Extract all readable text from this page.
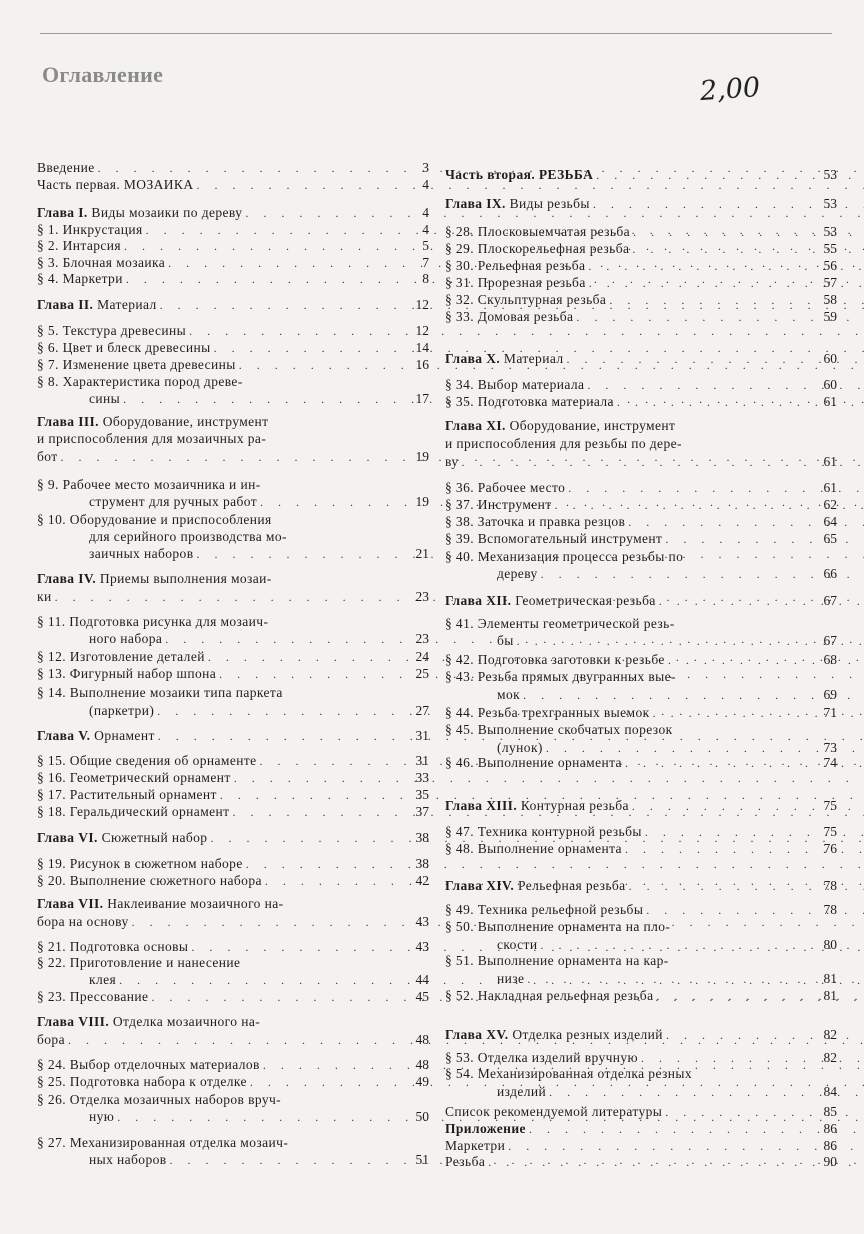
Оглавление	2,00
Введение . . .	3
Часть первая. МОЗАИКА . . .	4
Глава I. Виды мозаики по дереву . . .	4
§ 1. Инкрустация . . .	4
§ 2. Интарсия . . .	5
§ 3. Блочная мозаика . . .	7
§ 4. Маркетри . . .	8
Глава II. Материал . . .	12
§ 5. Текстура древесины . . .	12
§ 6. Цвет и блеск древесины . . .	14
§ 7. Изменение цвета древесины . . .	16
§ 8. Характеристика пород древе-
сины . . .	17
Глава III. Оборудование, инструмент
и приспособления для мозаичных ра-
бот . . .	19
§ 9. Рабочее место мозаичника и ин-
струмент для ручных работ . . .	19
§ 10. Оборудование и приспособления
для серийного производства мо-
заичных наборов . . .	21
Глава IV. Приемы выполнения мозаи-
ки . . .	23
§ 11. Подготовка рисунка для мозаич-
ного набора . . .	23
§ 12. Изготовление деталей . . .	24
§ 13. Фигурный набор шпона . . .	25
§ 14. Выполнение мозаики типа паркета
(паркетри) . . .	27
Глава V. Орнамент . . .	31
§ 15. Общие сведения об орнаменте . . .	31
§ 16. Геометрический орнамент . . .	33
§ 17. Растительный орнамент . . .	35
§ 18. Геральдический орнамент . . .	37
Глава VI. Сюжетный набор . . .	38
§ 19. Рисунок в сюжетном наборе . . .	38
§ 20. Выполнение сюжетного набора . . .	42
Глава VII. Наклеивание мозаичного на-
бора на основу . . .	43
§ 21. Подготовка основы . . .	43
§ 22. Приготовление и нанесение
клея . . .	44
§ 23. Прессование . . .	45
Глава VIII. Отделка мозаичного на-
бора . . .	48
§ 24. Выбор отделочных материалов . . .	48
§ 25. Подготовка набора к отделке . . .	49
§ 26. Отделка мозаичных наборов вруч-
ную . . .	50
§ 27. Механизированная отделка мозаич-
ных наборов . . .	51
Часть вторая. РЕЗЬБА . . .	53
Глава IX. Виды резьбы . . .	53
§ 28. Плосковыемчатая резьба . . .	53
§ 29. Плоскорельефная резьба . . .	55
§ 30. Рельефная резьба . . .	56
§ 31. Прорезная резьба . . .	57
§ 32. Скульптурная резьба . . .	58
§ 33. Домовая резьба . . .	59
Глава X. Материал . . .	60
§ 34. Выбор материала . . .	60
§ 35. Подготовка материала . . .	61
Глава XI. Оборудование, инструмент
и приспособления для резьбы по дере-
ву . . .	61
§ 36. Рабочее место . . .	61
§ 37. Инструмент . . .	62
§ 38. Заточка и правка резцов . . .	64
§ 39. Вспомогательный инструмент . . .	65
§ 40. Механизация процесса резьбы по
дереву . . .	66
Глава XII. Геометрическая резьба . . .	67
§ 41. Элементы геометрической резь-
бы . . .	67
§ 42. Подготовка заготовки к резьбе . . .	68
§ 43. Резьба прямых двугранных вые-
мок . . .	69
§ 44. Резьба трехгранных выемок . . .	71
§ 45. Выполнение скобчатых порезок
(лунок) . . .	73
§ 46. Выполнение орнамента . . .	74
Глава XIII. Контурная резьба . . .	75
§ 47. Техника контурной резьбы . . .	75
§ 48. Выполнение орнамента . . .	76
Глава XIV. Рельефная резьба . . .	78
§ 49. Техника рельефной резьбы . . .	78
§ 50. Выполнение орнамента на пло-
скости . . .	80
§ 51. Выполнение орнамента на кар-
низе . . .	81
§ 52. Накладная рельефная резьба . . .	81
Глава XV. Отделка резных изделий . . .	82
§ 53. Отделка изделий вручную . . .	82
§ 54. Механизированная отделка резных
изделий . . .	84
Список рекомендуемой литературы . . .	85
Приложение . . .	86
Маркетри . . .	86
Резьба . . .	90
